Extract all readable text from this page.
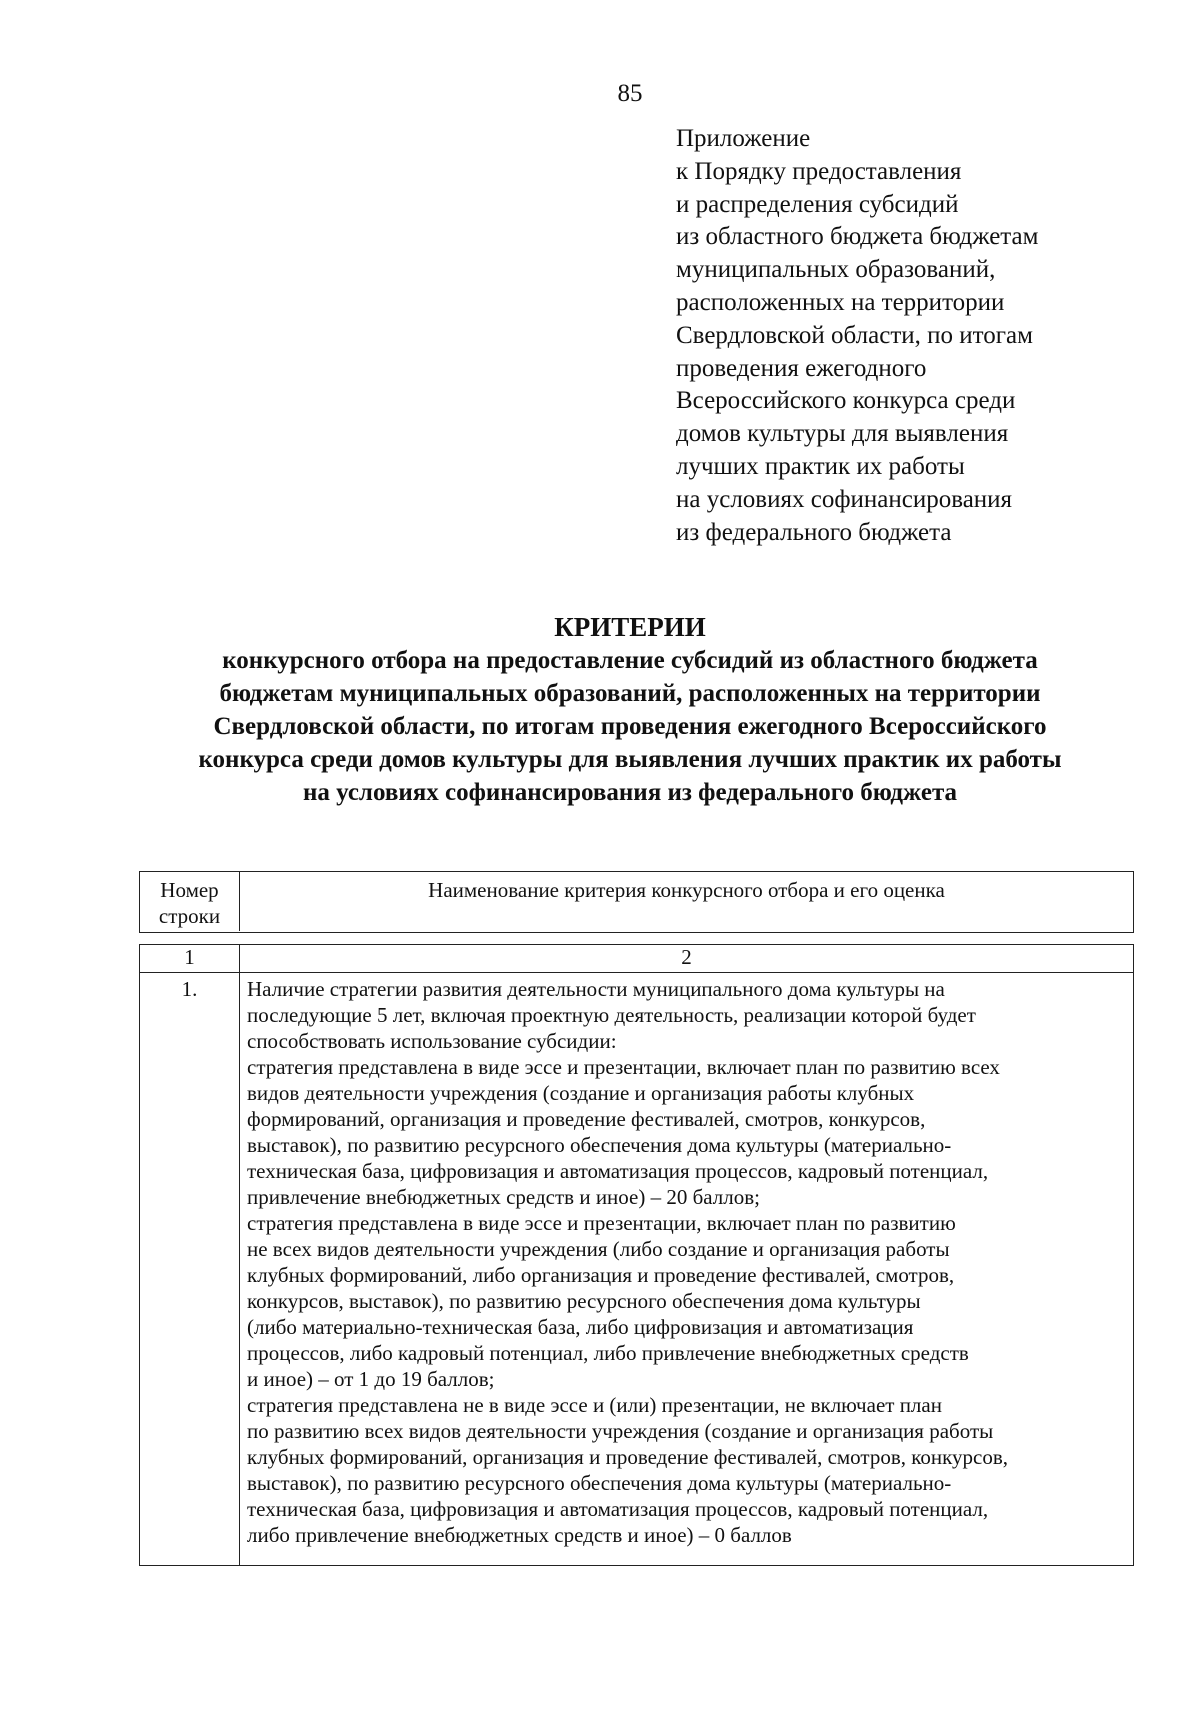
85
Приложение
к Порядку предоставления
и распределения субсидий
из областного бюджета бюджетам
муниципальных образований,
расположенных на территории
Свердловской области, по итогам
проведения ежегодного
Всероссийского конкурса среди
домов культуры для выявления
лучших практик их работы
на условиях софинансирования
из федерального бюджета
КРИТЕРИИ
конкурсного отбора на предоставление субсидий из областного бюджета
бюджетам муниципальных образований, расположенных на территории
Свердловской области, по итогам проведения ежегодного Всероссийского
конкурса среди домов культуры для выявления лучших практик их работы
на условиях софинансирования из федерального бюджета
Номер
строки
Наименование критерия конкурсного отбора и его оценка
1	2
1.	Наличие стратегии развития деятельности муниципального дома культуры на
последующие 5 лет, включая проектную деятельность, реализации которой будет
способствовать использование субсидии:
стратегия представлена в виде эссе и презентации, включает план по развитию всех
видов деятельности учреждения (создание и организация работы клубных
формирований, организация и проведение фестивалей, смотров, конкурсов,
выставок), по развитию ресурсного обеспечения дома культуры (материально-
техническая база, цифровизация и автоматизация процессов, кадровый потенциал,
привлечение внебюджетных средств и иное) – 20 баллов;
стратегия представлена в виде эссе и презентации, включает план по развитию
не всех видов деятельности учреждения (либо создание и организация работы
клубных формирований, либо организация и проведение фестивалей, смотров,
конкурсов, выставок), по развитию ресурсного обеспечения дома культуры
(либо материально-техническая база, либо цифровизация и автоматизация
процессов, либо кадровый потенциал, либо привлечение внебюджетных средств
и иное) – от 1 до 19 баллов;
стратегия представлена не в виде эссе и (или) презентации, не включает план
по развитию всех видов деятельности учреждения (создание и организация работы
клубных формирований, организация и проведение фестивалей, смотров, конкурсов,
выставок), по развитию ресурсного обеспечения дома культуры (материально-
техническая база, цифровизация и автоматизация процессов, кадровый потенциал,
либо привлечение внебюджетных средств и иное) – 0 баллов
